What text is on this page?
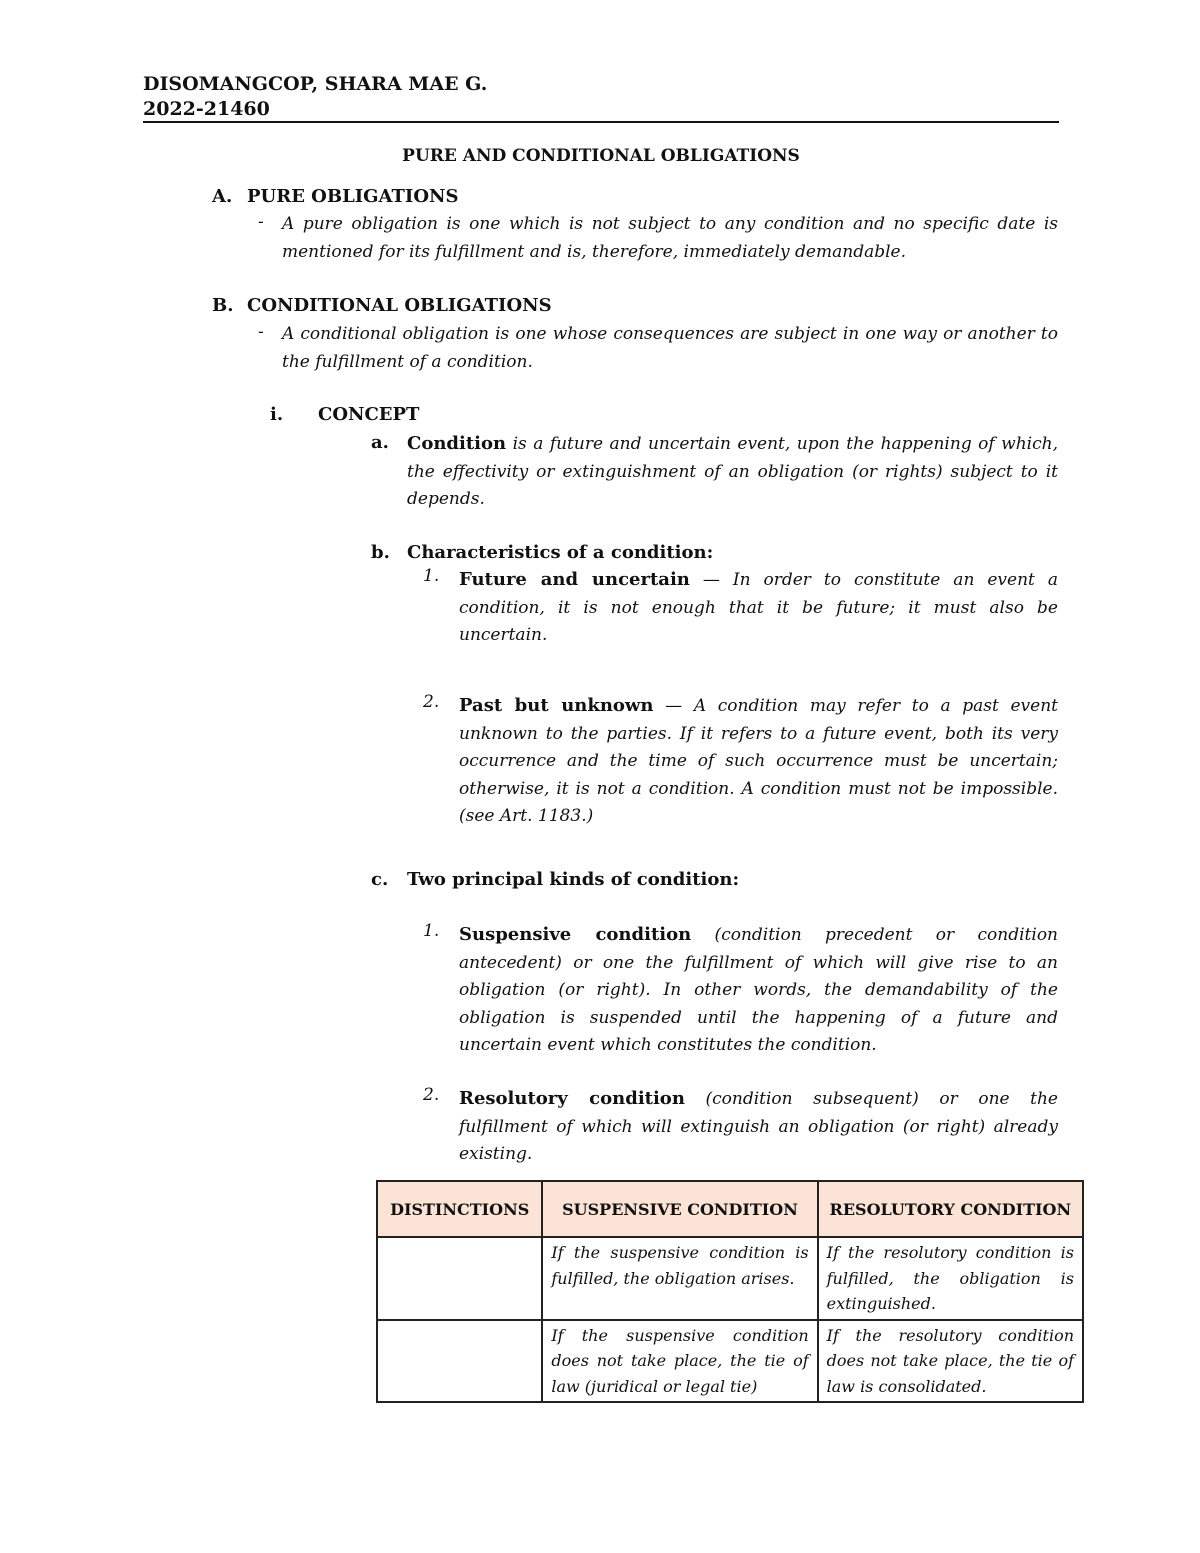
DISOMANGCOP, SHARA MAE G.
2022-21460
PURE AND CONDITIONAL OBLIGATIONS
A. PURE OBLIGATIONS
- A pure obligation is one which is not subject to any condition and no specific date is mentioned for its fulfillment and is, therefore, immediately demandable.
B. CONDITIONAL OBLIGATIONS
- A conditional obligation is one whose consequences are subject in one way or another to the fulfillment of a condition.
i. CONCEPT
a. Condition is a future and uncertain event, upon the happening of which, the effectivity or extinguishment of an obligation (or rights) subject to it depends.
b. Characteristics of a condition:
1. Future and uncertain — In order to constitute an event a condition, it is not enough that it be future; it must also be uncertain.
2. Past but unknown — A condition may refer to a past event unknown to the parties. If it refers to a future event, both its very occurrence and the time of such occurrence must be uncertain; otherwise, it is not a condition. A condition must not be impossible. (see Art. 1183.)
c. Two principal kinds of condition:
1. Suspensive condition (condition precedent or condition antecedent) or one the fulfillment of which will give rise to an obligation (or right). In other words, the demandability of the obligation is suspended until the happening of a future and uncertain event which constitutes the condition.
2. Resolutory condition (condition subsequent) or one the fulfillment of which will extinguish an obligation (or right) already existing.
DISTINCTIONS	SUSPENSIVE CONDITION	RESOLUTORY CONDITION
	If the suspensive condition is fulfilled, the obligation arises.	If the resolutory condition is fulfilled, the obligation is extinguished.
	If the suspensive condition does not take place, the tie of law (juridical or legal tie)	If the resolutory condition does not take place, the tie of law is consolidated.
